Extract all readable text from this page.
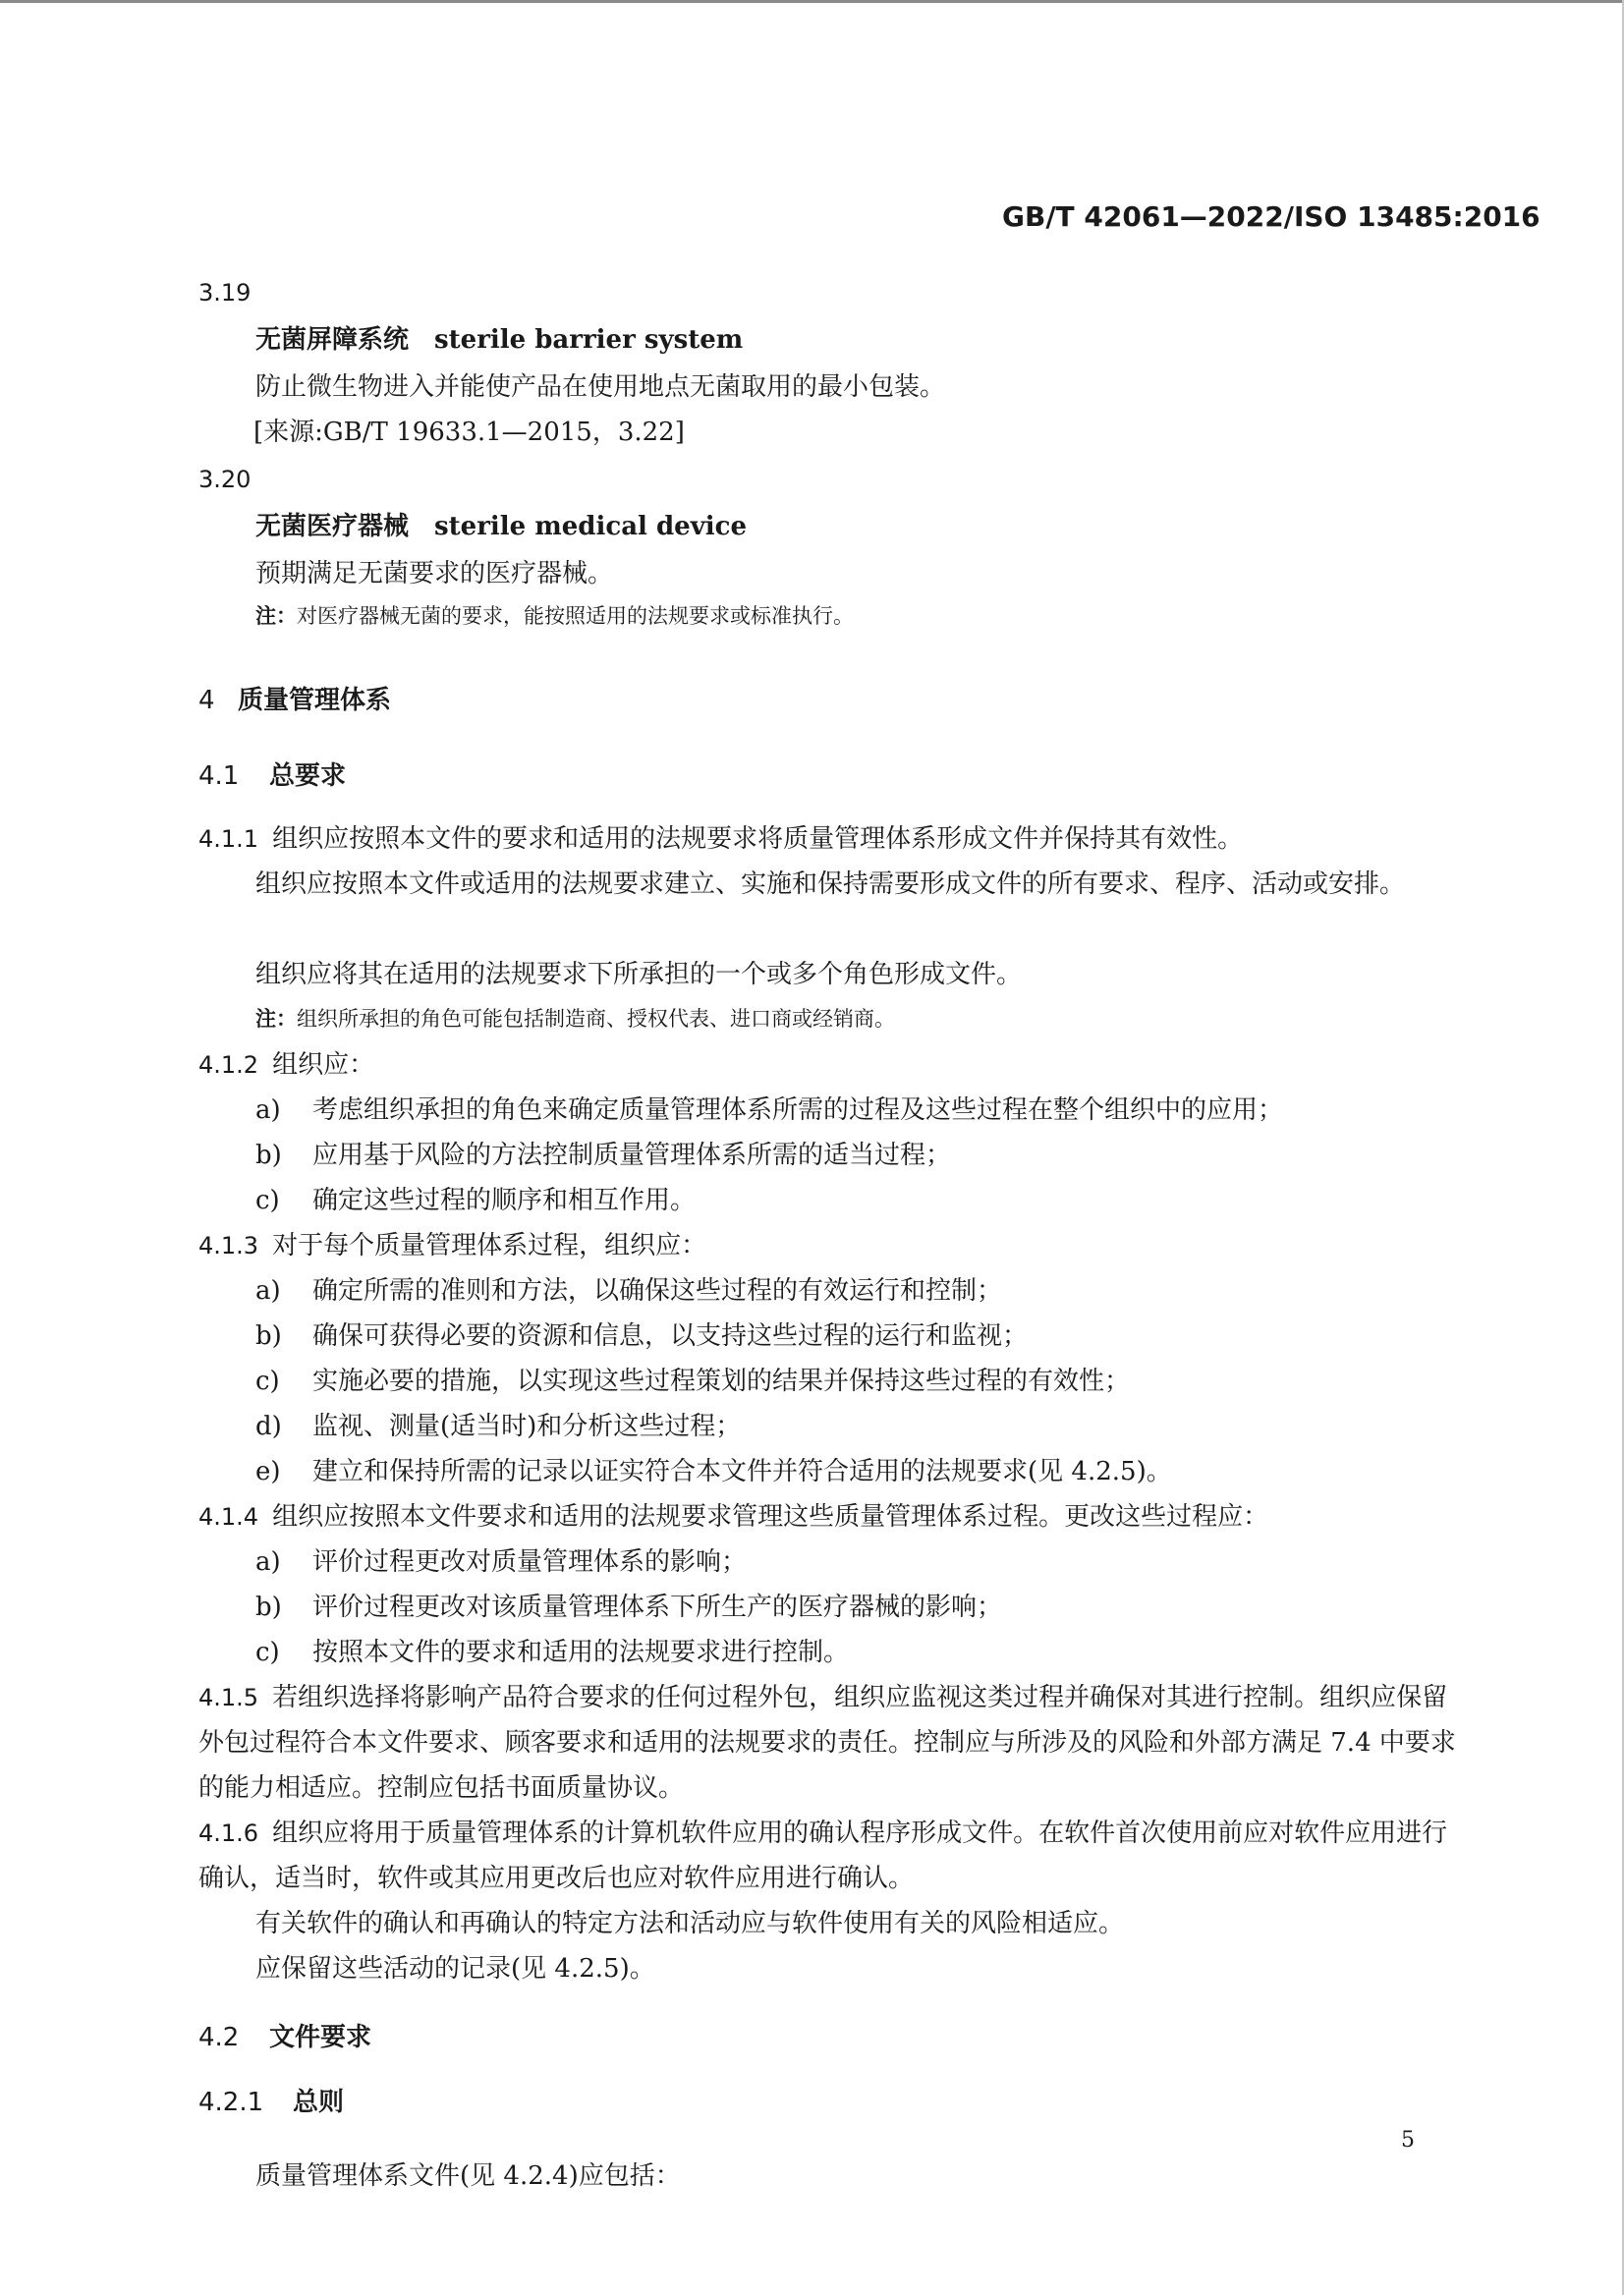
GB/T 42061—2022/ISO 13485:2016
3.19
无菌屏障系统 sterile barrier system
防止微生物进入并能使产品在使用地点无菌取用的最小包装。
[来源:GB/T 19633.1—2015，3.22]
3.20
无菌医疗器械 sterile medical device
预期满足无菌要求的医疗器械。
注：对医疗器械无菌的要求，能按照适用的法规要求或标准执行。
4 质量管理体系
4.1 总要求
4.1.1 组织应按照本文件的要求和适用的法规要求将质量管理体系形成文件并保持其有效性。
组织应按照本文件或适用的法规要求建立、实施和保持需要形成文件的所有要求、程序、活动或安排。
组织应将其在适用的法规要求下所承担的一个或多个角色形成文件。
注：组织所承担的角色可能包括制造商、授权代表、进口商或经销商。
4.1.2 组织应：
a) 考虑组织承担的角色来确定质量管理体系所需的过程及这些过程在整个组织中的应用；
b) 应用基于风险的方法控制质量管理体系所需的适当过程；
c) 确定这些过程的顺序和相互作用。
4.1.3 对于每个质量管理体系过程，组织应：
a) 确定所需的准则和方法，以确保这些过程的有效运行和控制；
b) 确保可获得必要的资源和信息，以支持这些过程的运行和监视；
c) 实施必要的措施，以实现这些过程策划的结果并保持这些过程的有效性；
d) 监视、测量(适当时)和分析这些过程；
e) 建立和保持所需的记录以证实符合本文件并符合适用的法规要求(见 4.2.5)。
4.1.4 组织应按照本文件要求和适用的法规要求管理这些质量管理体系过程。更改这些过程应：
a) 评价过程更改对质量管理体系的影响；
b) 评价过程更改对该质量管理体系下所生产的医疗器械的影响；
c) 按照本文件的要求和适用的法规要求进行控制。
4.1.5 若组织选择将影响产品符合要求的任何过程外包，组织应监视这类过程并确保对其进行控制。组织应保留外包过程符合本文件要求、顾客要求和适用的法规要求的责任。控制应与所涉及的风险和外部方满足 7.4 中要求的能力相适应。控制应包括书面质量协议。
4.1.6 组织应将用于质量管理体系的计算机软件应用的确认程序形成文件。在软件首次使用前应对软件应用进行确认，适当时，软件或其应用更改后也应对软件应用进行确认。
有关软件的确认和再确认的特定方法和活动应与软件使用有关的风险相适应。
应保留这些活动的记录(见 4.2.5)。
4.2 文件要求
4.2.1 总则
质量管理体系文件(见 4.2.4)应包括：
5
